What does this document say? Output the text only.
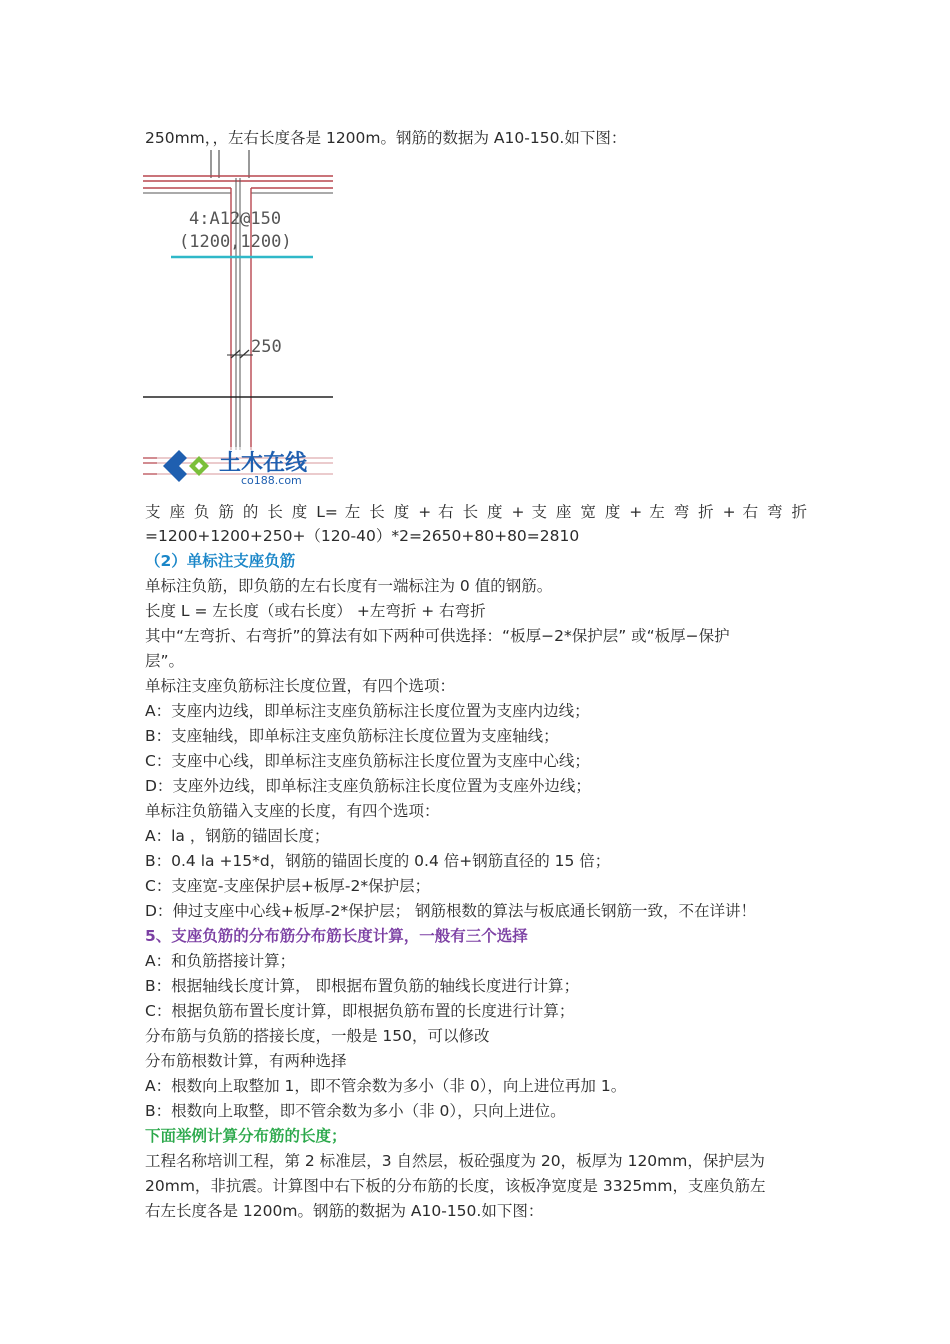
250mm，，左右长度各是 1200m。钢筋的数据为 A10-150.如下图：
4:A12@150
(1200,1200)
250
土木在线
co188.com
支 座 负 筋 的 长 度 L= 左 长 度 + 右 长 度 + 支 座 宽 度 + 左 弯 折 + 右 弯 折
=1200+1200+250+（120-40）*2=2650+80+80=2810
（2）单标注支座负筋
单标注负筋，即负筋的左右长度有一端标注为 0 值的钢筋。
长度 L = 左长度（或右长度） +左弯折 + 右弯折
其中“左弯折、右弯折”的算法有如下两种可供选择：“板厚−2*保护层” 或“板厚−保护
层”。
单标注支座负筋标注长度位置，有四个选项：
A：支座内边线，即单标注支座负筋标注长度位置为支座内边线；
B：支座轴线，即单标注支座负筋标注长度位置为支座轴线；
C：支座中心线，即单标注支座负筋标注长度位置为支座中心线；
D：支座外边线，即单标注支座负筋标注长度位置为支座外边线；
单标注负筋锚入支座的长度，有四个选项：
A：la ，钢筋的锚固长度；
B：0.4 la +15*d，钢筋的锚固长度的 0.4 倍+钢筋直径的 15 倍；
C：支座宽-支座保护层+板厚-2*保护层；
D：伸过支座中心线+板厚-2*保护层； 钢筋根数的算法与板底通长钢筋一致，不在详讲！
5、支座负筋的分布筋分布筋长度计算，一般有三个选择
A：和负筋搭接计算；
B：根据轴线长度计算， 即根据布置负筋的轴线长度进行计算；
C：根据负筋布置长度计算，即根据负筋布置的长度进行计算；
分布筋与负筋的搭接长度，一般是 150，可以修改
分布筋根数计算，有两种选择
A：根数向上取整加 1，即不管余数为多小（非 0），向上进位再加 1。
B：根数向上取整，即不管余数为多小（非 0），只向上进位。
下面举例计算分布筋的长度；
工程名称培训工程，第 2 标准层，3 自然层，板砼强度为 20，板厚为 120mm，保护层为
20mm，非抗震。计算图中右下板的分布筋的长度，该板净宽度是 3325mm，支座负筋左
右左长度各是 1200m。钢筋的数据为 A10-150.如下图：
